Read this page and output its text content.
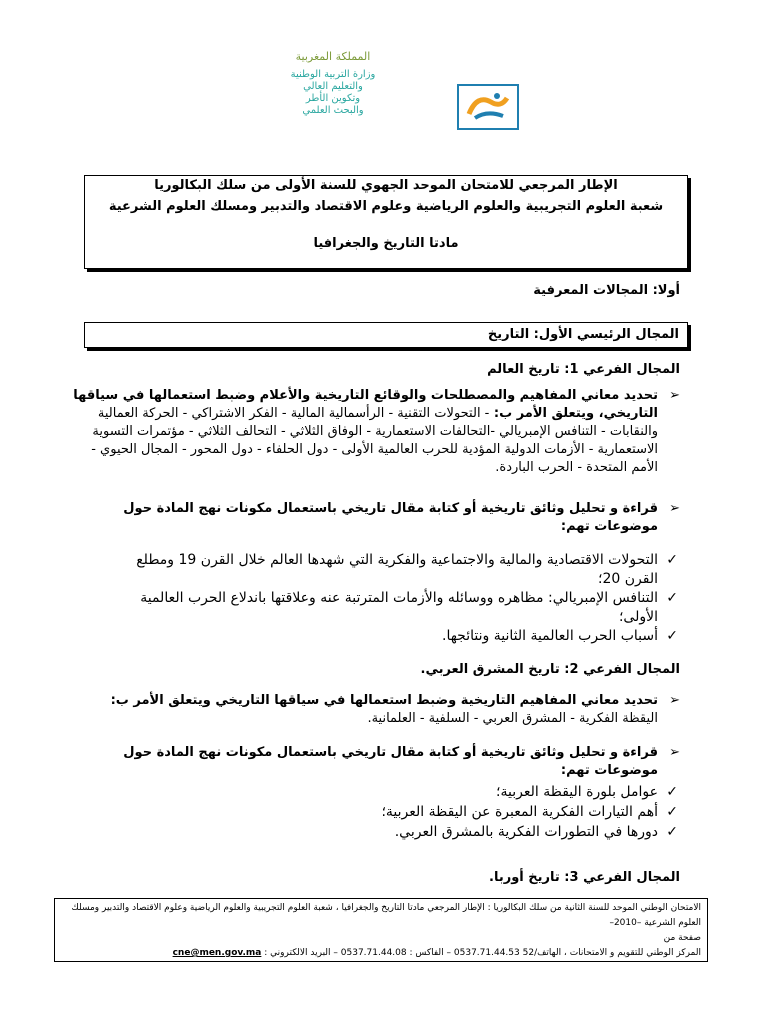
المملكة المغربية
وزارة التربية الوطنية
والتعليم العالي
وتكوين الأطر
والبحث العلمي
الإطار المرجعي للامتحان الموحد الجهوي للسنة الأولى من سلك البكالوريا
شعبة العلوم التجريبية والعلوم الرياضية وعلوم الاقتصاد والتدبير ومسلك العلوم الشرعية
مادتا التاريخ والجغرافيا
أولا: المجالات المعرفية
المجال الرئيسي الأول: التاريخ
المجال الفرعي 1: تاريخ العالم
➢
تحديد معاني المفاهيم والمصطلحات والوقائع التاريخية والأعلام وضبط استعمالها في سياقها التاريخي، ويتعلق الأمر ب: - التحولات التقنية - الرأسمالية المالية - الفكر الاشتراكي - الحركة العمالية والنقابات - التنافس الإمبريالي -التحالفات الاستعمارية - الوفاق الثلاثي - التحالف الثلاثي - مؤتمرات التسوية الاستعمارية - الأزمات الدولية المؤدية للحرب العالمية الأولى - دول الحلفاء - دول المحور - المجال الحيوي - الأمم المتحدة - الحرب الباردة.
➢
قراءة و تحليل وثائق تاريخية أو كتابة مقال تاريخي باستعمال مكونات نهج المادة حول موضوعات تهم:
✓
التحولات الاقتصادية والمالية والاجتماعية والفكرية التي شهدها العالم خلال القرن 19 ومطلع القرن 20؛
✓
التنافس الإمبريالي: مظاهره ووسائله والأزمات المترتبة عنه وعلاقتها باندلاع الحرب العالمية الأولى؛
✓
أسباب الحرب العالمية الثانية ونتائجها.
المجال الفرعي 2: تاريخ المشرق العربي.
➢
تحديد معاني المفاهيم التاريخية وضبط استعمالها في سياقها التاريخي ويتعلق الأمر ب:
اليقظة الفكرية - المشرق العربي - السلفية - العلمانية.
➢
قراءة و تحليل وثائق تاريخية أو كتابة مقال تاريخي باستعمال مكونات نهج المادة حول موضوعات تهم:
✓
عوامل بلورة اليقظة العربية؛
✓
أهم التيارات الفكرية المعبرة عن اليقظة العربية؛
✓
دورها في التطورات الفكرية بالمشرق العربي.
المجال الفرعي 3: تاريخ أوربا.
الامتحان الوطني الموحد للسنة الثانية من سلك البكالوريا : الإطار المرجعي مادتا التاريخ والجغرافيا ، شعبة العلوم التجريبية والعلوم الرياضية وعلوم الاقتصاد والتدبير ومسلك العلوم الشرعية –2010–
صفحة من
المركز الوطني للتقويم و الامتحانات ، الهاتف/52 0537.71.44.53 – الفاكس : 0537.71.44.08 – البريد الالكتروني : cne@men.gov.ma
